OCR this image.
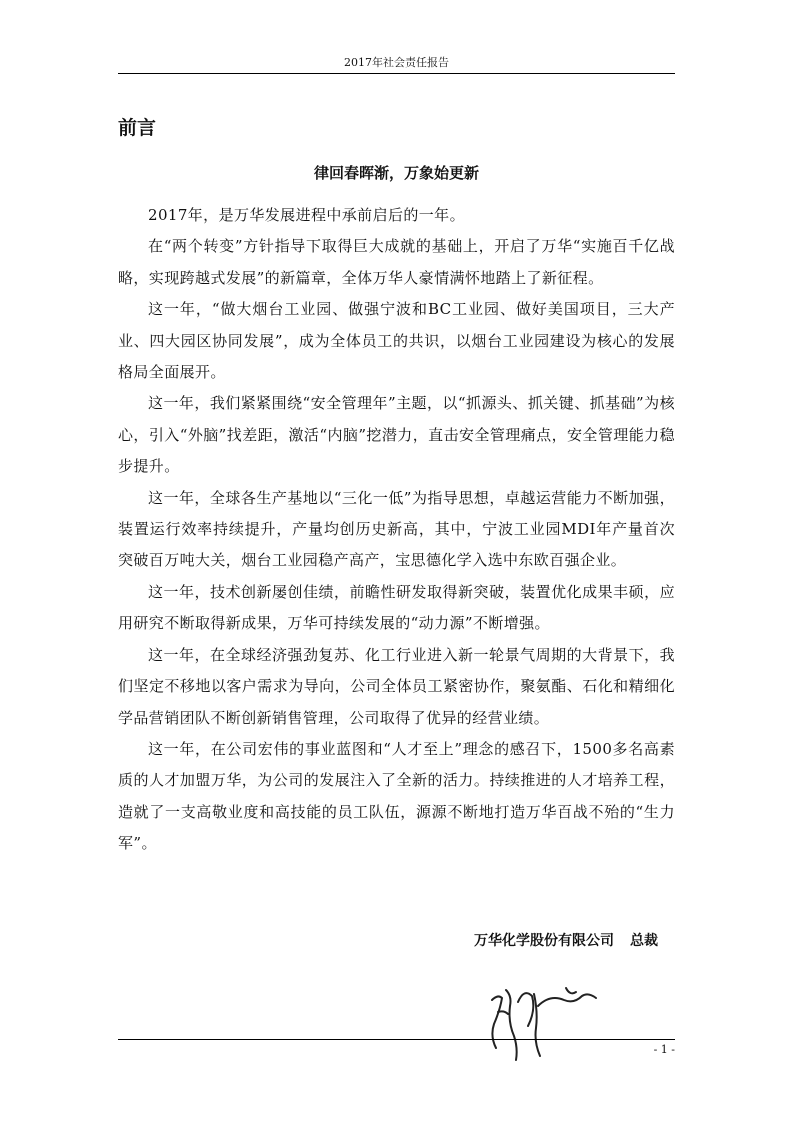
2017年社会责任报告
前言
律回春晖渐，万象始更新

2017年，是万华发展进程中承前启后的一年。

在“两个转变”方针指导下取得巨大成就的基础上，开启了万华“实施百千亿战略，实现跨越式发展”的新篇章，全体万华人豪情满怀地踏上了新征程。

这一年，“做大烟台工业园、做强宁波和BC工业园、做好美国项目，三大产业、四大园区协同发展”，成为全体员工的共识，以烟台工业园建设为核心的发展格局全面展开。

这一年，我们紧紧围绕“安全管理年”主题，以“抓源头、抓关键、抓基础”为核心，引入“外脑”找差距，激活“内脑”挖潜力，直击安全管理痛点，安全管理能力稳步提升。

这一年，全球各生产基地以“三化一低”为指导思想，卓越运营能力不断加强，装置运行效率持续提升，产量均创历史新高，其中，宁波工业园MDI年产量首次突破百万吨大关，烟台工业园稳产高产，宝思德化学入选中东欧百强企业。

这一年，技术创新屡创佳绩，前瞻性研发取得新突破，装置优化成果丰硕，应用研究不断取得新成果，万华可持续发展的“动力源”不断增强。

这一年，在全球经济强劲复苏、化工行业进入新一轮景气周期的大背景下，我们坚定不移地以客户需求为导向，公司全体员工紧密协作，聚氨酯、石化和精细化学品营销团队不断创新销售管理，公司取得了优异的经营业绩。

这一年，在公司宏伟的事业蓝图和“人才至上”理念的感召下，1500多名高素质的人才加盟万华，为公司的发展注入了全新的活力。持续推进的人才培养工程，造就了一支高敬业度和高技能的员工队伍，源源不断地打造万华百战不殆的“生力军”。

万华化学股份有限公司 总裁
- 1 -
